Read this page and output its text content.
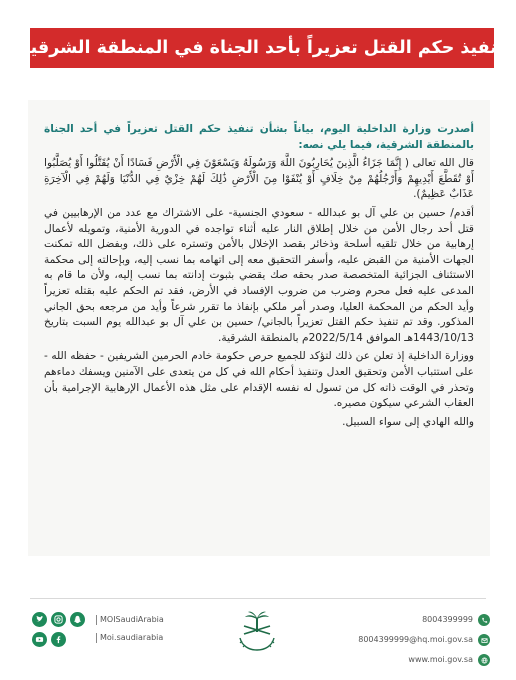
تنفيذ حكم القتل تعزيراً بأحد الجناة في المنطقة الشرقية

أصدرت وزارة الداخلية اليوم، بياناً بشأن تنفيذ حكم القتل تعزيراً في أحد الجناة بالمنطقة الشرقية، فيما يلي نصه:

قال الله تعالى ( إِنَّمَا جَزَاءُ الَّذِينَ يُحَارِبُونَ اللَّهَ وَرَسُولَهُ وَيَسْعَوْنَ فِي الْأَرْضِ فَسَادًا أَنْ يُقَتَّلُوا أَوْ يُصَلَّبُوا أَوْ تُقَطَّعَ أَيْدِيهِمْ وَأَرْجُلُهُمْ مِنْ خِلَافٍ أَوْ يُنْفَوْا مِنَ الْأَرْضِ ذَٰلِكَ لَهُمْ خِزْيٌ فِي الدُّنْيَا وَلَهُمْ فِي الْآخِرَةِ عَذَابٌ عَظِيمٌ).

أقدم/ حسين بن علي آل بو عبدالله - سعودي الجنسية- على الاشتراك مع عدد من الإرهابيين في قتل أحد رجال الأمن من خلال إطلاق النار عليه أثناء تواجده في الدورية الأمنية، وتمويله لأعمال إرهابية من خلال تلقيه أسلحة وذخائر بقصد الإخلال بالأمن وتستره على ذلك، وبفضل الله تمكنت الجهات الأمنية من القبض عليه، وأسفر التحقيق معه إلى اتهامه بما نسب إليه، وبإحالته إلى محكمة الاستئناف الجزائية المتخصصة صدر بحقه صك يقضي بثبوت إدانته بما نسب إليه، ولأن ما قام به المدعى عليه فعل محرم وضرب من ضروب الإفساد في الأرض، فقد تم الحكم عليه بقتله تعزيراً وأيد الحكم من المحكمة العليا، وصدر أمر ملكي بإنفاذ ما تقرر شرعاً وأيد من مرجعه بحق الجاني المذكور. وقد تم تنفيذ حكم القتل تعزيراً بالجاني/ حسين بن علي آل بو عبدالله يوم السبت بتاريخ 1443/10/13هـ الموافق 2022/5/14م بالمنطقة الشرقية.

ووزارة الداخلية إذ تعلن عن ذلك لتؤكد للجميع حرص حكومة خادم الحرمين الشريفين - حفظه الله - على استتباب الأمن وتحقيق العدل وتنفيذ أحكام الله في كل من يتعدى على الآمنين ويسفك دماءهم وتحذر في الوقت ذاته كل من تسول له نفسه الإقدام على مثل هذه الأعمال الإرهابية الإجرامية بأن العقاب الشرعي سيكون مصيره.

والله الهادي إلى سواء السبيل.

MOISaudiArabia
Moi.saudiarabia
8004399999
8004399999@hq.moi.gov.sa
www.moi.gov.sa
